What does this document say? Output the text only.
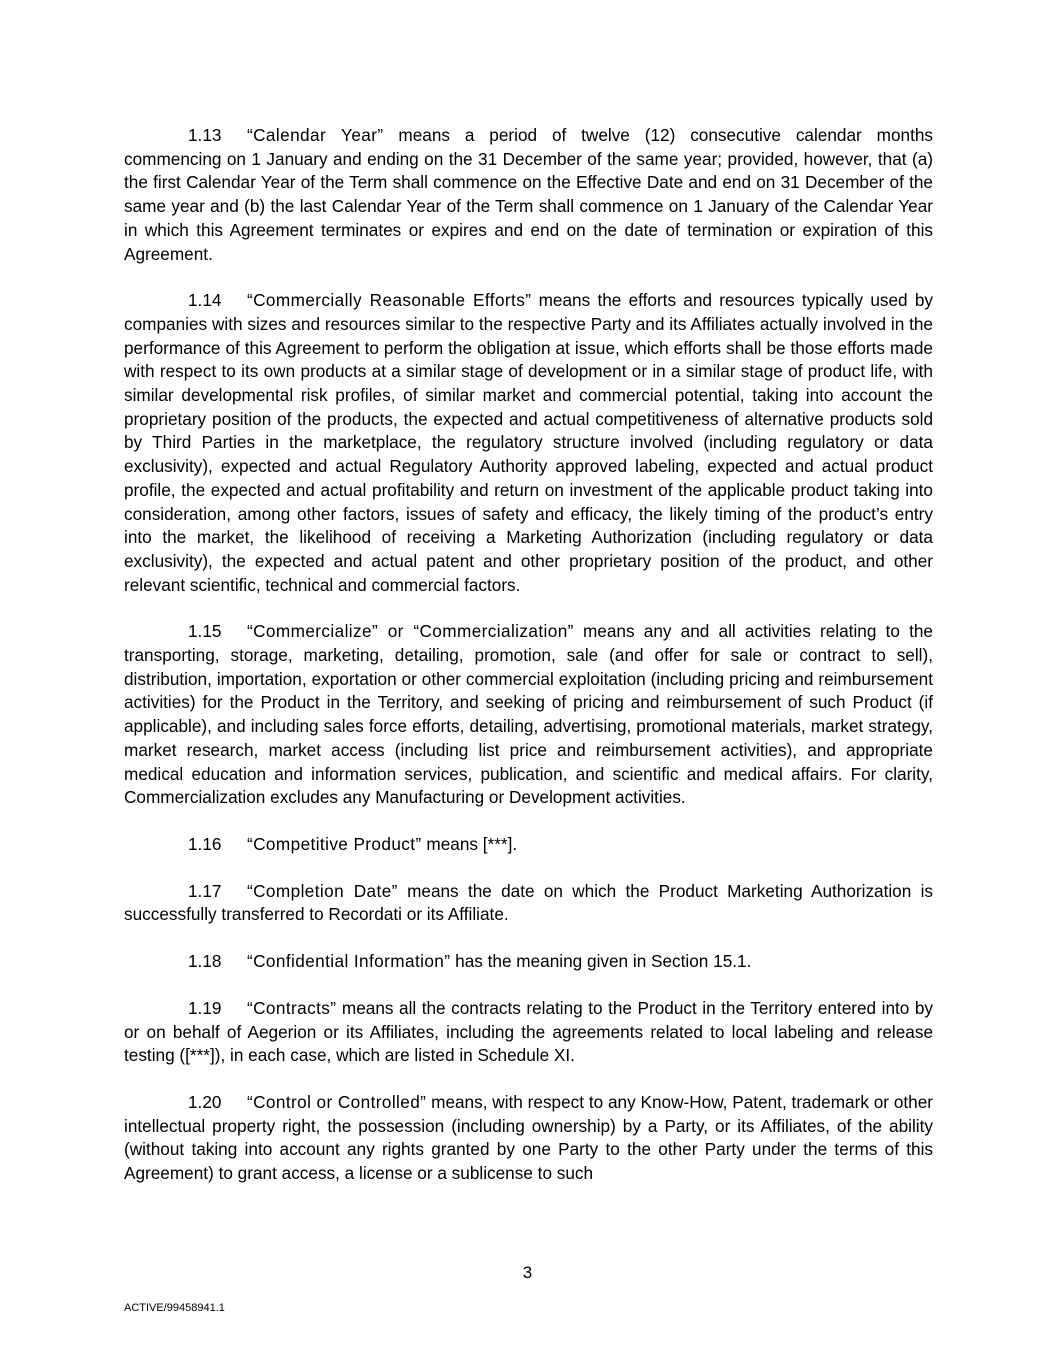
1.13 “Calendar Year” means a period of twelve (12) consecutive calendar months commencing on 1 January and ending on the 31 December of the same year; provided, however, that (a) the first Calendar Year of the Term shall commence on the Effective Date and end on 31 December of the same year and (b) the last Calendar Year of the Term shall commence on 1 January of the Calendar Year in which this Agreement terminates or expires and end on the date of termination or expiration of this Agreement.

1.14 “Commercially Reasonable Efforts” means the efforts and resources typically used by companies with sizes and resources similar to the respective Party and its Affiliates actually involved in the performance of this Agreement to perform the obligation at issue, which efforts shall be those efforts made with respect to its own products at a similar stage of development or in a similar stage of product life, with similar developmental risk profiles, of similar market and commercial potential, taking into account the proprietary position of the products, the expected and actual competitiveness of alternative products sold by Third Parties in the marketplace, the regulatory structure involved (including regulatory or data exclusivity), expected and actual Regulatory Authority approved labeling, expected and actual product profile, the expected and actual profitability and return on investment of the applicable product taking into consideration, among other factors, issues of safety and efficacy, the likely timing of the product’s entry into the market, the likelihood of receiving a Marketing Authorization (including regulatory or data exclusivity), the expected and actual patent and other proprietary position of the product, and other relevant scientific, technical and commercial factors.

1.15 “Commercialize” or “Commercialization” means any and all activities relating to the transporting, storage, marketing, detailing, promotion, sale (and offer for sale or contract to sell), distribution, importation, exportation or other commercial exploitation (including pricing and reimbursement activities) for the Product in the Territory, and seeking of pricing and reimbursement of such Product (if applicable), and including sales force efforts, detailing, advertising, promotional materials, market strategy, market research, market access (including list price and reimbursement activities), and appropriate medical education and information services, publication, and scientific and medical affairs. For clarity, Commercialization excludes any Manufacturing or Development activities.

1.16 “Competitive Product” means [***].

1.17 “Completion Date” means the date on which the Product Marketing Authorization is successfully transferred to Recordati or its Affiliate.

1.18 “Confidential Information” has the meaning given in Section 15.1.

1.19 “Contracts” means all the contracts relating to the Product in the Territory entered into by or on behalf of Aegerion or its Affiliates, including the agreements related to local labeling and release testing ([***]), in each case, which are listed in Schedule XI.

1.20 “Control or Controlled” means, with respect to any Know-How, Patent, trademark or other intellectual property right, the possession (including ownership) by a Party, or its Affiliates, of the ability (without taking into account any rights granted by one Party to the other Party under the terms of this Agreement) to grant access, a license or a sublicense to such

3
ACTIVE/99458941.1
